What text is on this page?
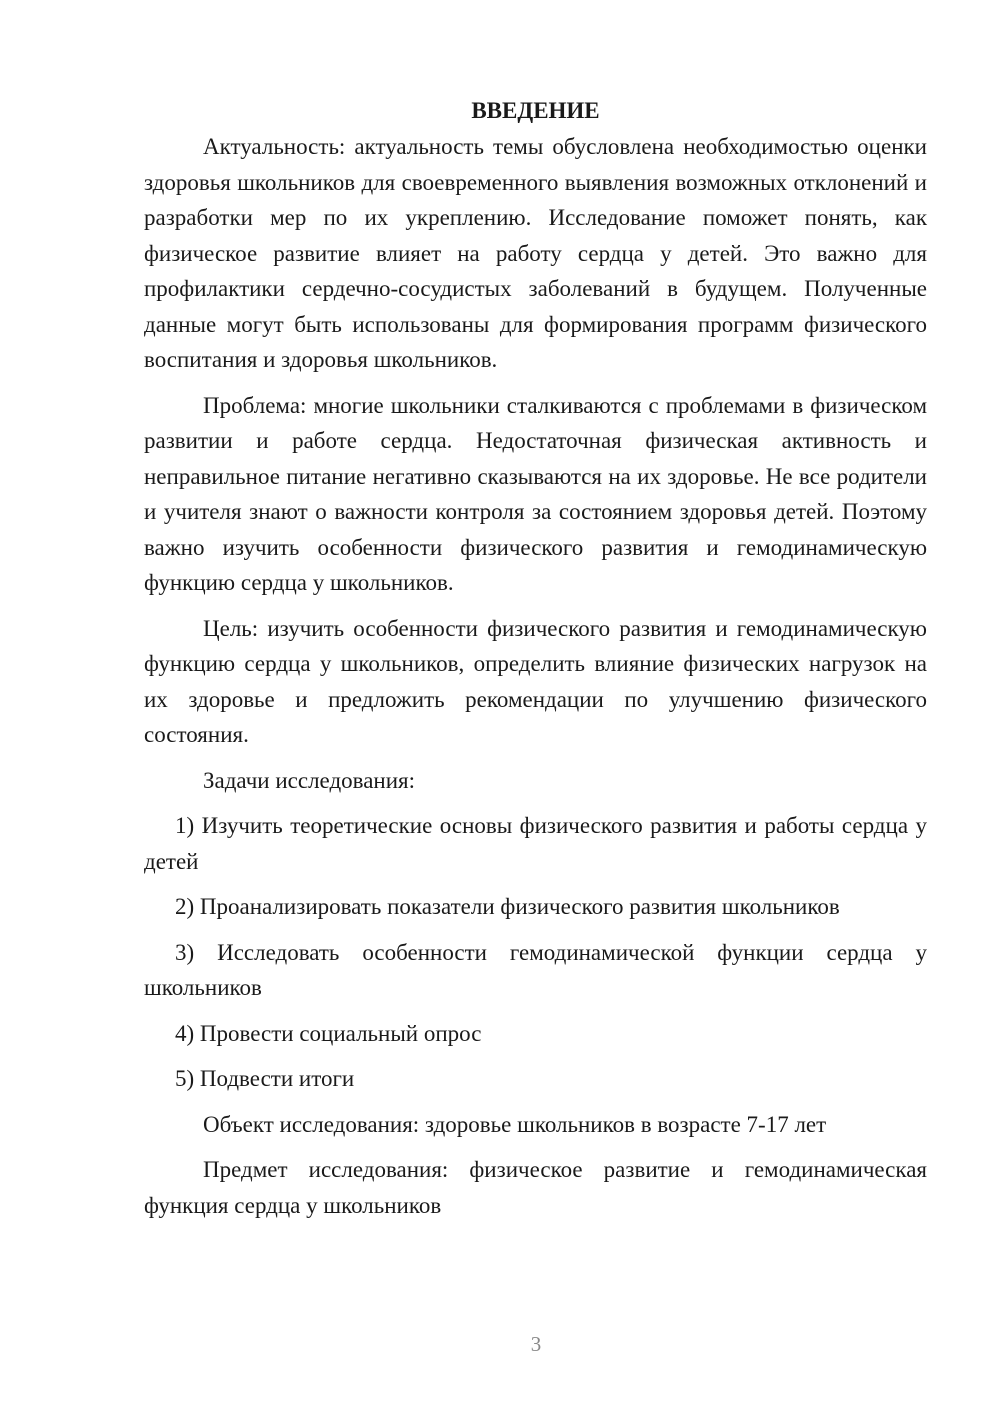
ВВЕДЕНИЕ

Актуальность: актуальность темы обусловлена необходимостью оценки здоровья школьников для своевременного выявления возможных отклонений и разработки мер по их укреплению. Исследование поможет понять, как физическое развитие влияет на работу сердца у детей. Это важно для профилактики сердечно-сосудистых заболеваний в будущем. Полученные данные могут быть использованы для формирования программ физического воспитания и здоровья школьников.

Проблема: многие школьники сталкиваются с проблемами в физическом развитии и работе сердца. Недостаточная физическая активность и неправильное питание негативно сказываются на их здоровье. Не все родители и учителя знают о важности контроля за состоянием здоровья детей. Поэтому важно изучить особенности физического развития и гемодинамическую функцию сердца у школьников.

Цель: изучить особенности физического развития и гемодинамическую функцию сердца у школьников, определить влияние физических нагрузок на их здоровье и предложить рекомендации по улучшению физического состояния.

Задачи исследования:

1) Изучить теоретические основы физического развития и работы сердца у детей

2) Проанализировать показатели физического развития школьников

3) Исследовать особенности гемодинамической функции сердца у школьников

4) Провести социальный опрос

5) Подвести итоги

Объект исследования: здоровье школьников в возрасте 7-17 лет

Предмет исследования: физическое развитие и гемодинамическая функция сердца у школьников

3
